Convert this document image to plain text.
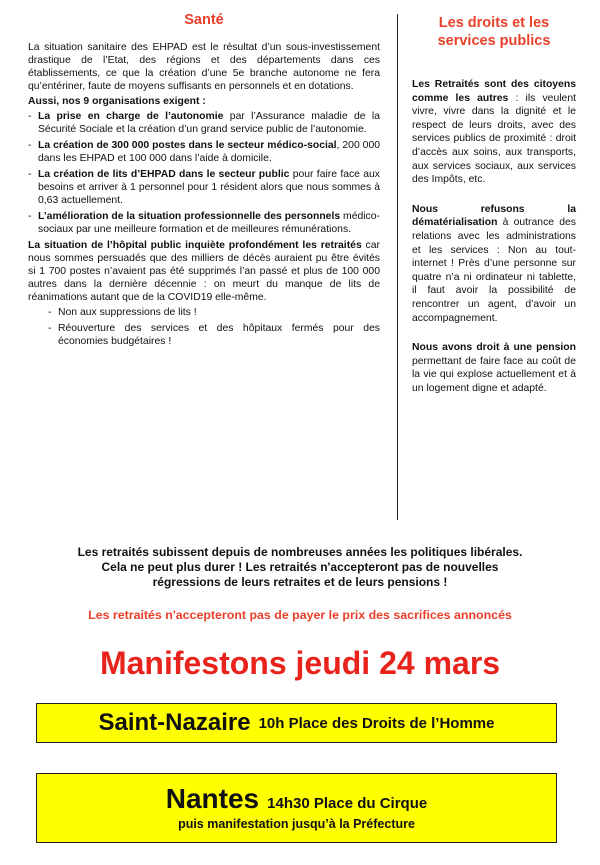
Santé

La situation sanitaire des EHPAD est le résultat d’un sous-investissement drastique de l’Etat, des régions et des départements dans ces établissements, ce que la création d’une 5e branche autonome ne fera qu’entériner, faute de moyens suffisants en personnels et en dotations.

Aussi, nos 9 organisations exigent :

- La prise en charge de l’autonomie par l’Assurance maladie de la Sécurité Sociale et la création d’un grand service public de l’autonomie.
- La création de 300 000 postes dans le secteur médico-social, 200 000 dans les EHPAD et 100 000 dans l’aide à domicile.
- La création de lits d’EHPAD dans le secteur public pour faire face aux besoins et arriver à 1 personnel pour 1 résident alors que nous sommes à 0,63 actuellement.
- L’amélioration de la situation professionnelle des personnels médico-sociaux par une meilleure formation et de meilleures rémunérations.

La situation de l’hôpital public inquiète profondément les retraités car nous sommes persuadés que des milliers de décès auraient pu être évités si 1 700 postes n’avaient pas été supprimés l’an passé et plus de 100 000 autres dans la dernière décennie : on meurt du manque de lits de réanimations autant que de la COVID19 elle-même.

- Non aux suppressions de lits !
- Réouverture des services et des hôpitaux fermés pour des économies budgétaires !
Les droits et les services publics

Les Retraités sont des citoyens comme les autres : ils veulent vivre, vivre dans la dignité et le respect de leurs droits, avec des services publics de proximité : droit d’accès aux soins, aux transports, aux services sociaux, aux services des Impôts, etc.

Nous refusons la dématérialisation à outrance des relations avec les administrations et les services : Non au tout-internet ! Près d’une personne sur quatre n’a ni ordinateur ni tablette, il faut avoir la possibilité de rencontrer un agent, d’avoir un accompagnement.

Nous avons droit à une pension permettant de faire face au coût de la vie qui explose actuellement et à un logement digne et adapté.

Les retraités subissent depuis de nombreuses années les politiques libérales.
Cela ne peut plus durer ! Les retraités n'accepteront pas de nouvelles
régressions de leurs retraites et de leurs pensions !
Les retraités n'accepteront pas de payer le prix des sacrifices annoncés
Manifestons jeudi 24 mars
Saint-Nazaire 10h Place des Droits de l’Homme
Nantes 14h30 Place du Cirque
puis manifestation jusqu’à la Préfecture
